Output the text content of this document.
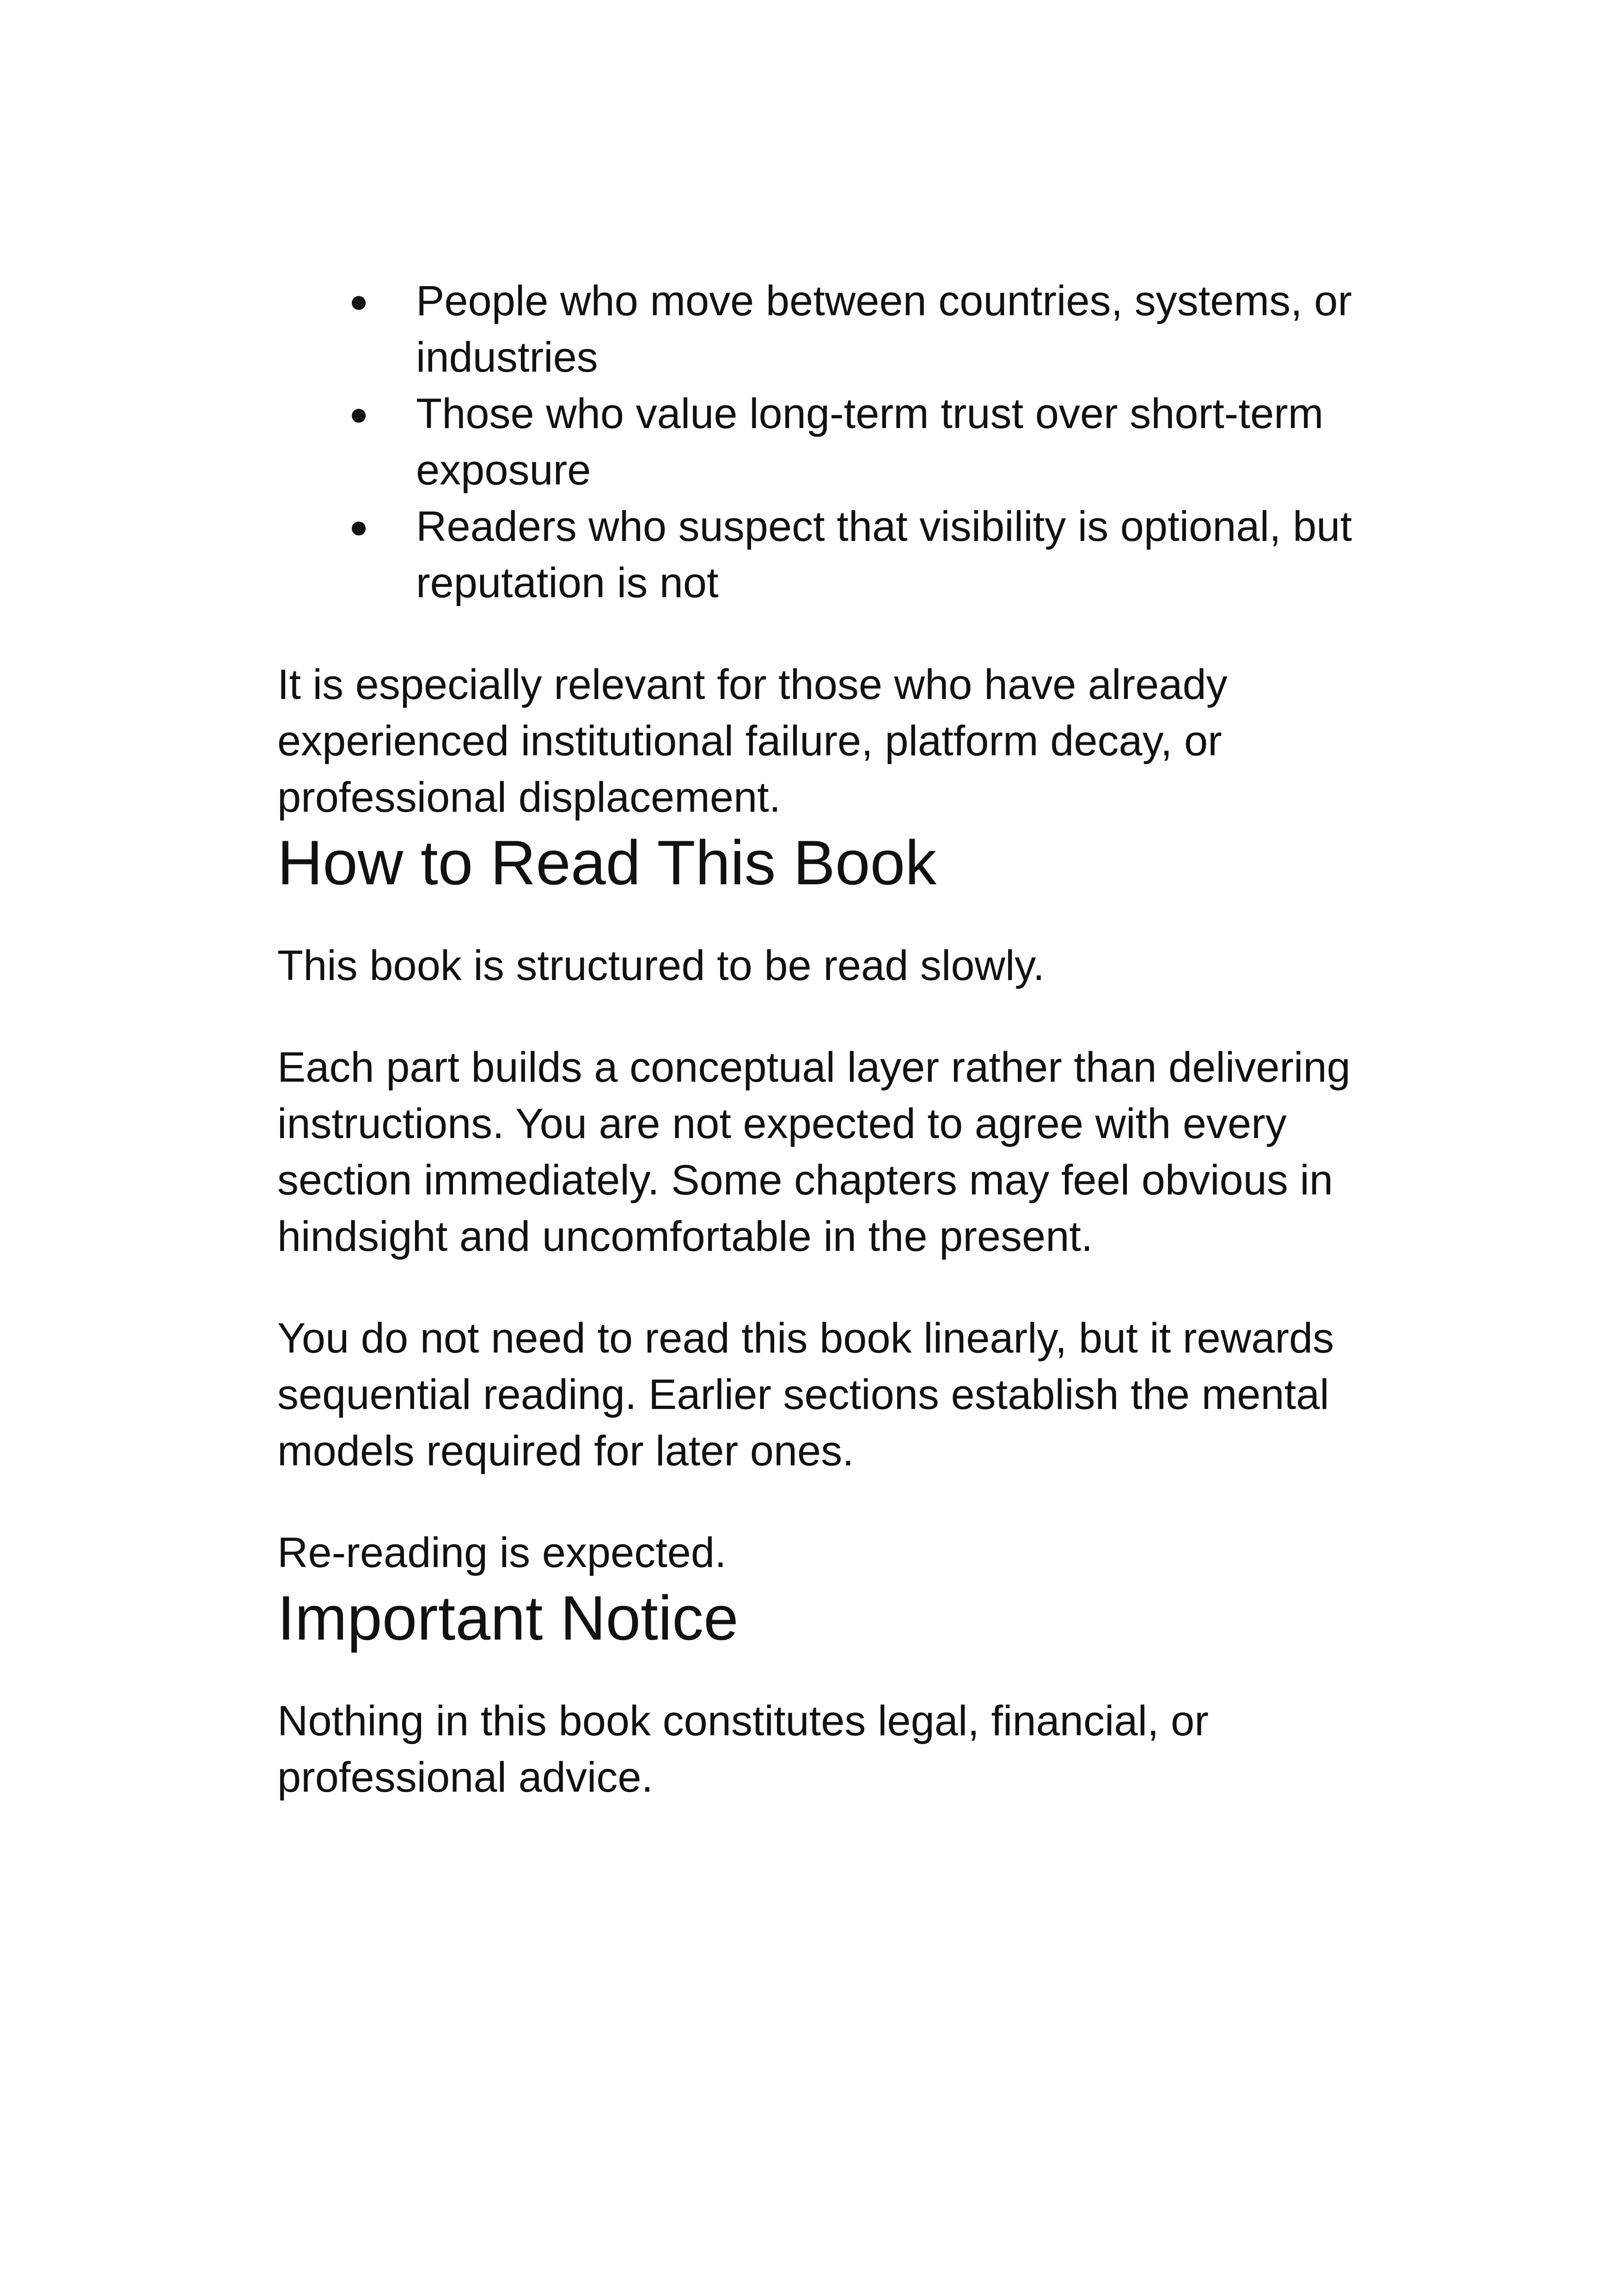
● People who move between countries, systems, or industries
● Those who value long-term trust over short-term exposure
● Readers who suspect that visibility is optional, but reputation is not

It is especially relevant for those who have already experienced institutional failure, platform decay, or professional displacement.

How to Read This Book

This book is structured to be read slowly.

Each part builds a conceptual layer rather than delivering instructions. You are not expected to agree with every section immediately. Some chapters may feel obvious in hindsight and uncomfortable in the present.

You do not need to read this book linearly, but it rewards sequential reading. Earlier sections establish the mental models required for later ones.

Re-reading is expected.

Important Notice

Nothing in this book constitutes legal, financial, or professional advice.
